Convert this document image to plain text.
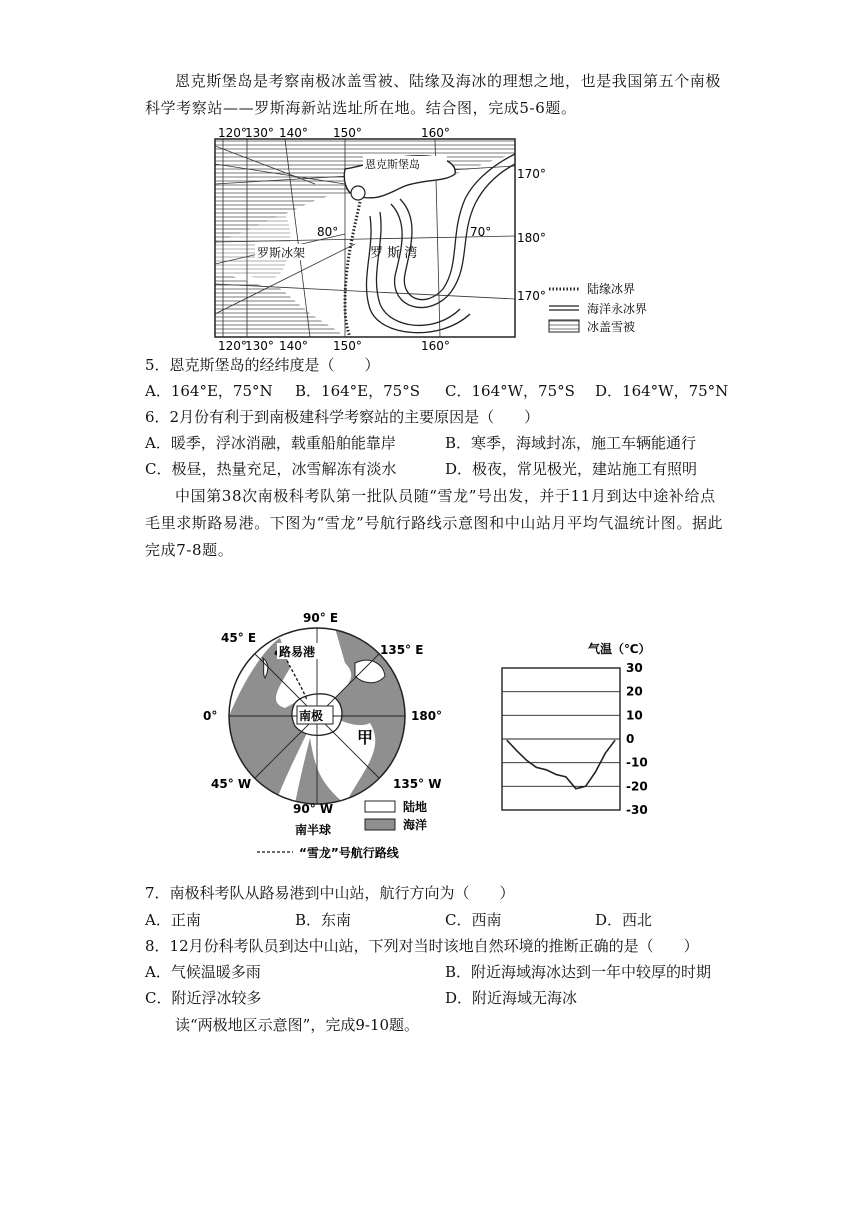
恩克斯堡岛是考察南极冰盖雪被、陆缘及海冰的理想之地，也是我国第五个南极科学考察站——罗斯海新站选址所在地。结合图，完成5-6题。
120°
130° 140° 150°	160°
120°
130° 140° 150°	160°
170°
180°
170°
80°	70°
恩克斯堡岛
罗斯冰架	罗 斯 湾
陆缘冰界
海洋永冰界
冰盖雪被
5．恩克斯堡岛的经纬度是（　　）
A．164°E，75°N B．164°E，75°S C．164°W，75°S D．164°W，75°N
6．2月份有利于到南极建科学考察站的主要原因是（　　）
A．暖季，浮冰消融，载重船舶能靠岸	B．寒季，海域封冻，施工车辆能通行
C．极昼，热量充足，冰雪解冻有淡水	D．极夜，常见极光，建站施工有照明
中国第38次南极科考队第一批队员随“雪龙”号出发，并于11月到达中途补给点毛里求斯路易港。下图为“雪龙”号航行路线示意图和中山站月平均气温统计图。据此完成7-8题。
路易港
南极
甲
90° E
45° E
135° E
0°	180°
45° W	135° W
90° W
南半球
陆地
海洋
“雪龙”号航行路线
气温（℃）
30
20
10
0
-10
-20
-30
7．南极科考队从路易港到中山站，航行方向为（　　）
A．正南	B．东南	C．西南	D．西北
8．12月份科考队员到达中山站，下列对当时该地自然环境的推断正确的是（　　）
A．气候温暖多雨	B．附近海域海冰达到一年中较厚的时期
C．附近浮冰较多	D．附近海域无海冰
读“两极地区示意图”，完成9-10题。
